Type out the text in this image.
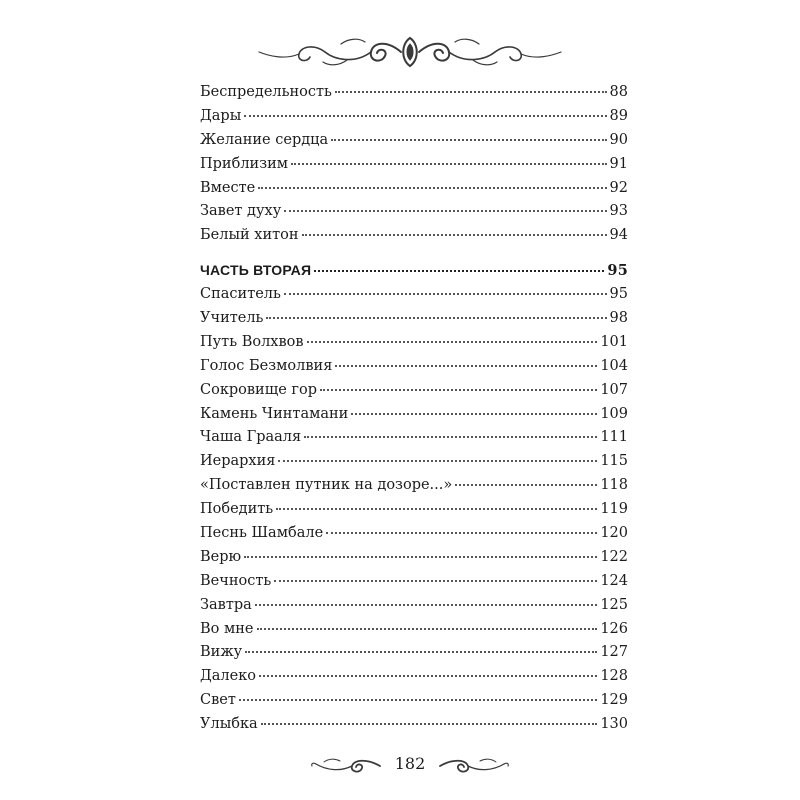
Беспредельность	88
Дары	89
Желание сердца	90
Приблизим	91
Вместе	92
Завет духу	93
Белый хитон	94
ЧАСТЬ ВТОРАЯ	95
Спаситель	95
Учитель	98
Путь Волхвов	101
Голос Безмолвия	104
Сокровище гор	107
Камень Чинтамани	109
Чаша Грааля	111
Иерархия	115
«Поставлен путник на дозоре...»	118
Победить	119
Песнь Шамбале	120
Верю	122
Вечность	124
Завтра	125
Во мне	126
Вижу	127
Далеко	128
Свет	129
Улыбка	130
182
